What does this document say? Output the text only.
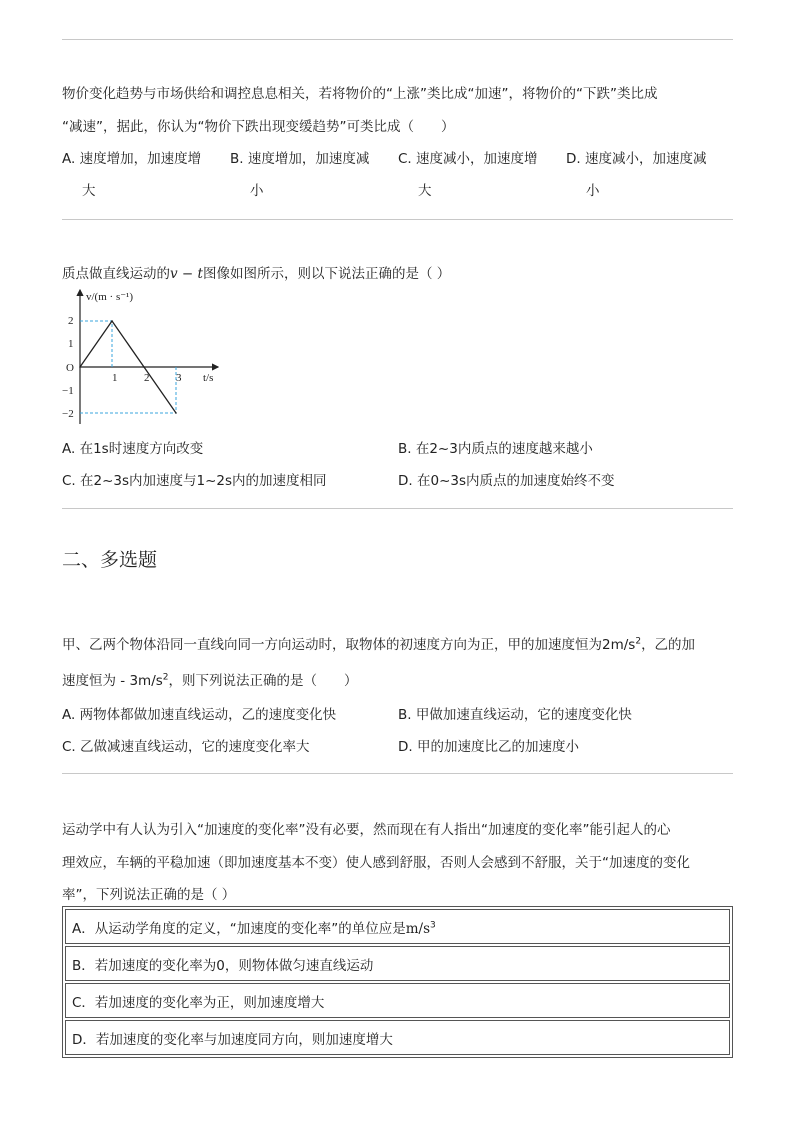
物价变化趋势与市场供给和调控息息相关，若将物价的“上涨”类比成“加速”，将物价的“下跌”类比成
“减速”，据此，你认为“物价下跌出现变缓趋势”可类比成（　　）
A. 速度增加，加速度增
大
B. 速度增加，加速度减
小
C. 速度减小，加速度增
大
D. 速度减小，加速度减
小
质点做直线运动的v − t图像如图所示，则以下说法正确的是（ ）
v/(m · s⁻¹)
t/s
O
2
1
−1
−2
1 2 3
A. 在1s时速度方向改变	B. 在2~3内质点的速度越来越小
C. 在2~3s内加速度与1~2s内的加速度相同	D. 在0~3s内质点的加速度始终不变
二、多选题
甲、乙两个物体沿同一直线向同一方向运动时，取物体的初速度方向为正，甲的加速度恒为$2m/s^2$，乙的加
速度恒为 - $3m/s^2$，则下列说法正确的是（　　）
A. 两物体都做加速直线运动，乙的速度变化快	B. 甲做加速直线运动，它的速度变化快
C. 乙做减速直线运动，它的速度变化率大	D. 甲的加速度比乙的加速度小
运动学中有人认为引入“加速度的变化率”没有必要，然而现在有人指出“加速度的变化率”能引起人的心
理效应，车辆的平稳加速（即加速度基本不变）使人感到舒服，否则人会感到不舒服，关于“加速度的变化
率”，下列说法正确的是（ ）
A．从运动学角度的定义，“加速度的变化率”的单位应是$m/s^3$
B．若加速度的变化率为0，则物体做匀速直线运动
C．若加速度的变化率为正，则加速度增大
D．若加速度的变化率与加速度同方向，则加速度增大
